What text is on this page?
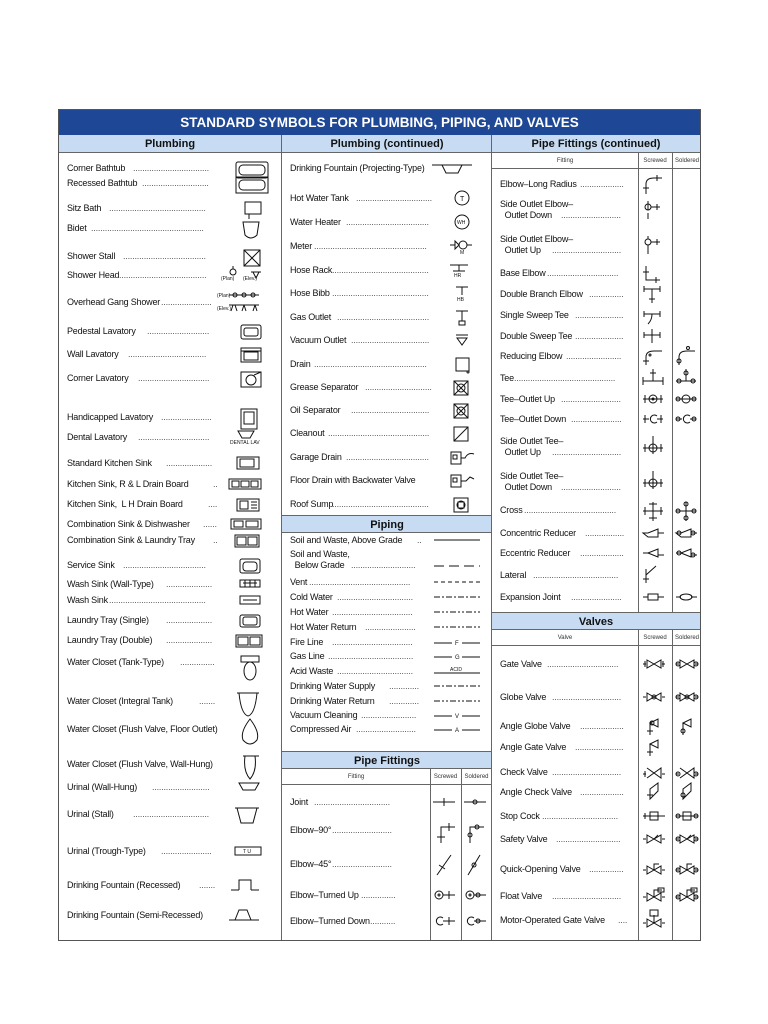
STANDARD SYMBOLS FOR PLUMBING, PIPING, AND VALVES
Plumbing
Corner Bathtub .................................
Recessed Bathtub .............................
Sitz Bath ..........................................
Bidet .................................................
Shower Stall ....................................
Shower Head ......................................	(Plan) (Elev.)
Overhead Gang Shower ......................
(Plan)
(Elev.)
Pedestal Lavatory ...........................
Wall Lavatory ..................................
Corner Lavatory ...............................
Handicapped Lavatory ......................
Dental Lavatory ...............................
DENTAL LAV
Standard Kitchen Sink ....................
Kitchen Sink, R & L Drain Board	..
Kitchen Sink,  L H Drain Board	....
Combination Sink & Dishwasher ......
Combination Sink & Laundry Tray ..
Service Sink ....................................
Wash Sink (Wall-Type) ....................
Wash Sink ..........................................
Laundry Tray (Single) ....................
Laundry Tray (Double) ....................
Water Closet (Tank-Type) ...............
Water Closet (Integral Tank)	.......
Water Closet (Flush Valve, Floor Outlet)
Water Closet (Flush Valve, Wall-Hung)
Urinal (Wall-Hung) .........................
Urinal (Stall) .................................
Urinal (Trough-Type) ......................	T U
Drinking Fountain (Recessed) .......
Drinking Fountain (Semi-Recessed)
Plumbing (continued)
Drinking Fountain (Projecting-Type)
Hot Water Tank .................................	T
Water Heater ....................................	WH
Meter .................................................
M
Hose Rack ..........................................
HR
Hose Bibb ..........................................
HB
Gas Outlet ........................................
Vacuum Outlet ..................................
Drain .................................................
Grease Separator .............................
Oil Separator ..................................
Cleanout ............................................
Garage Drain ....................................
Floor Drain with Backwater Valve
Roof Sump
..........................................
Piping
Soil and Waste, Above Grade ..
Soil and Waste,
Below Grade ............................
Vent ............................................
Cold Water .................................
Hot Water ...................................
Hot Water Return ......................
Fire Line ...................................	F
Gas Line .....................................	G
Acid Waste .................................	ACID
Drinking Water Supply .............
Drinking Water Return .............
Vacuum Cleaning ........................	V
Compressed Air ..........................	A
Pipe Fittings
Fitting	Screwed	Soldered
Joint .................................
Elbow–90° ..........................
Elbow–45° ..........................
Elbow–Turned Up ...............
Elbow–Turned Down ...........
Pipe Fittings (continued)
Fitting	Screwed	Soldered
Elbow–Long Radius ...................
Side Outlet Elbow–
Outlet Down	..........................
Side Outlet Elbow–
Outlet Up	..............................
Base Elbow ...............................
Double Branch Elbow ...............
Single Sweep Tee .....................
Double Sweep Tee .....................
Reducing Elbow ........................
Tee ............................................
Tee–Outlet Up ..........................
Tee–Outlet Down ......................
Side Outlet Tee–
Outlet Up	..............................
Side Outlet Tee–
Outlet Down	..........................
Cross ........................................
Concentric Reducer .................
Eccentric Reducer ...................
Lateral .....................................
Expansion Joint ......................
Valves
Valve	Screwed	Soldered
Gate Valve ...............................
Globe Valve ..............................
Angle Globe Valve ...................
Angle Gate Valve .....................
Check Valve ..............................
Angle Check Valve ...................
Stop Cock .................................
Safety Valve ............................
Quick-Opening Valve ...............
Float Valve ..............................
Motor-Operated Gate Valve ....
